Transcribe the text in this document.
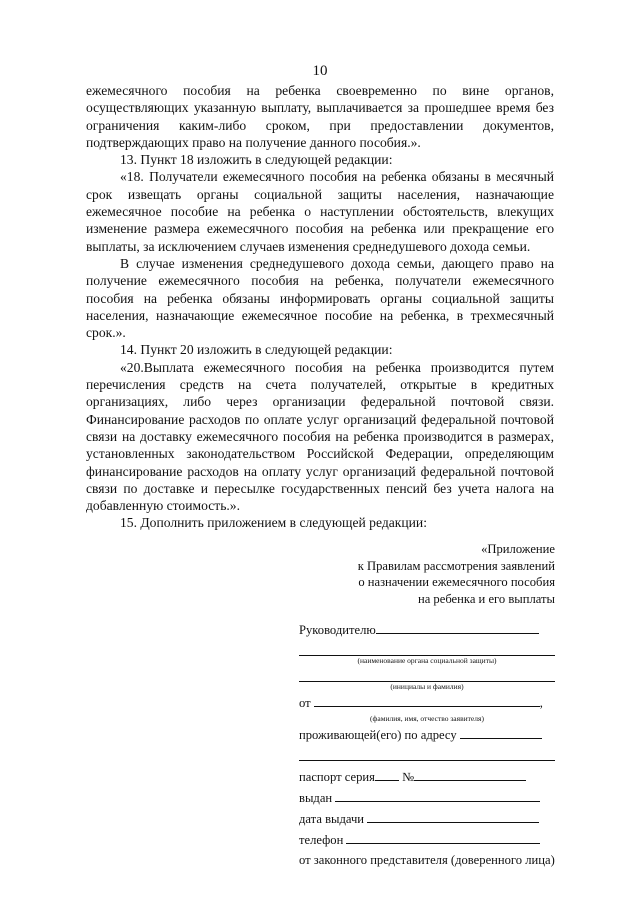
10

ежемесячного пособия на ребенка своевременно по вине органов, осуществляющих указанную выплату, выплачивается за прошедшее время без ограничения каким-либо сроком, при предоставлении документов, подтверждающих право на получение данного пособия.».

13. Пункт 18 изложить в следующей редакции:

«18. Получатели ежемесячного пособия на ребенка обязаны в месячный срок извещать органы социальной защиты населения, назначающие ежемесячное пособие на ребенка о наступлении обстоятельств, влекущих изменение размера ежемесячного пособия на ребенка или прекращение его выплаты, за исключением случаев изменения среднедушевого дохода семьи.

В случае изменения среднедушевого дохода семьи, дающего право на получение ежемесячного пособия на ребенка, получатели ежемесячного пособия на ребенка обязаны информировать органы социальной защиты населения, назначающие ежемесячное пособие на ребенка, в трехмесячный срок.».

14. Пункт 20 изложить в следующей редакции:

«20.Выплата ежемесячного пособия на ребенка производится путем перечисления средств на счета получателей, открытые в кредитных организациях, либо через организации федеральной почтовой связи. Финансирование расходов по оплате услуг организаций федеральной почтовой связи на доставку ежемесячного пособия на ребенка производится в размерах, установленных законодательством Российской Федерации, определяющим финансирование расходов на оплату услуг организаций федеральной почтовой связи по доставке и пересылке государственных пенсий без учета налога на добавленную стоимость.».

15. Дополнить приложением в следующей редакции:

«Приложение
к Правилам рассмотрения заявлений
о назначении ежемесячного пособия
на ребенка и его выплаты
Руководителю
(наименование органа социальной защиты)
(инициалы и фамилия)
от	,
(фамилия, имя, отчество заявителя)
проживающей(его) по адресу
паспорт серия №
выдан
дата выдачи
телефон
от законного представителя (доверенного лица)
